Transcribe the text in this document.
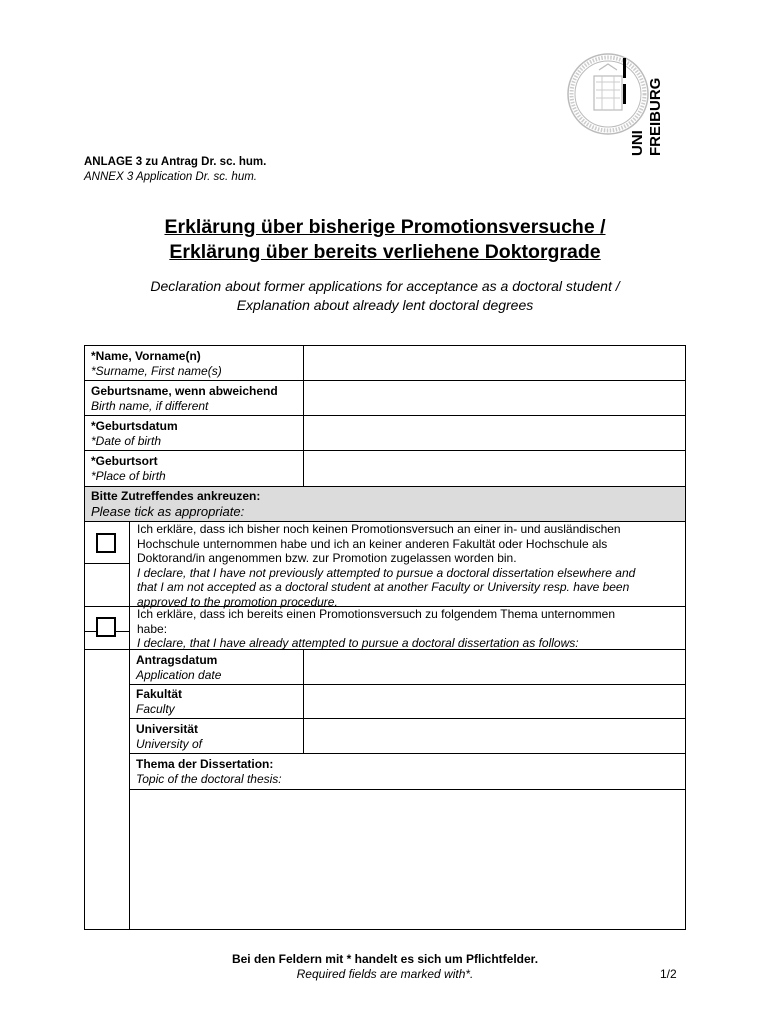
UNI FREIBURG
ANLAGE 3 zu Antrag Dr. sc. hum.
ANNEX 3 Application Dr. sc. hum.
Erklärung über bisherige Promotionsversuche /
Erklärung über bereits verliehene Doktorgrade
Declaration about former applications for acceptance as a doctoral student /
Explanation about already lent doctoral degrees
*Name, Vorname(n)
*Surname, First name(s)
Geburtsname, wenn abweichend
Birth name, if different
*Geburtsdatum
*Date of birth
*Geburtsort
*Place of birth
Bitte Zutreffendes ankreuzen:
Please tick as appropriate:
Ich erkläre, dass ich bisher noch keinen Promotionsversuch an einer in- und ausländischen
Hochschule unternommen habe und ich an keiner anderen Fakultät oder Hochschule als
Doktorand/in angenommen bzw. zur Promotion zugelassen worden bin.
I declare, that I have not previously attempted to pursue a doctoral dissertation elsewhere and
that I am not accepted as a doctoral student at another Faculty or University resp. have been
approved to the promotion procedure.
Ich erkläre, dass ich bereits einen Promotionsversuch zu folgendem Thema unternommen
habe:
I declare, that I have already attempted to pursue a doctoral dissertation as follows:
Antragsdatum
Application date
Fakultät
Faculty
Universität
University of
Thema der Dissertation:
Topic of the doctoral thesis:
Bei den Feldern mit * handelt es sich um Pflichtfelder.
Required fields are marked with*.	1/2
